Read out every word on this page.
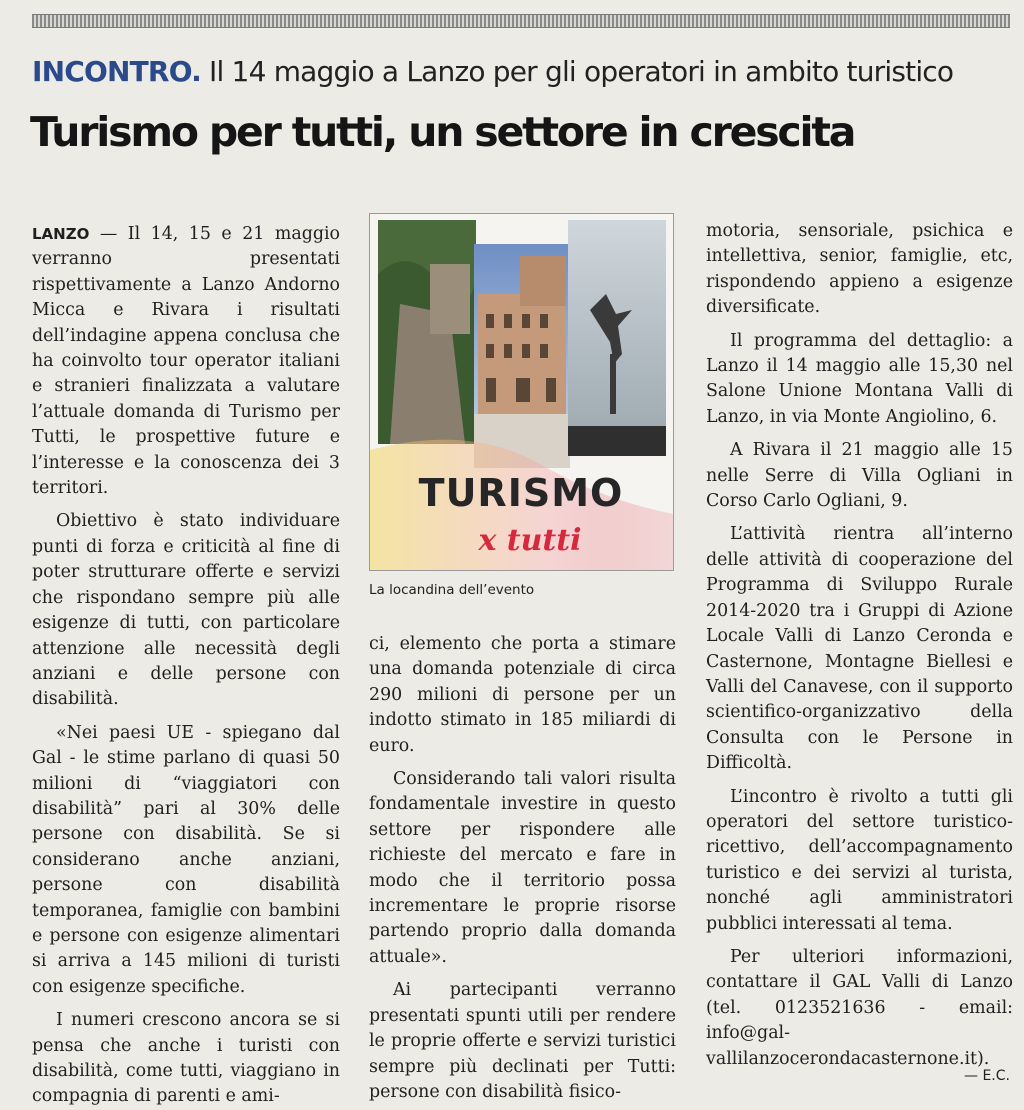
INCONTRO. Il 14 maggio a Lanzo per gli operatori in ambito turistico
Turismo per tutti, un settore in crescita

LANZO — Il 14, 15 e 21 maggio verranno presentati rispettivamente a Lanzo Andorno Micca e Rivara i risultati dell’indagine appena conclusa che ha coinvolto tour operator italiani e stranieri finalizzata a valutare l’attuale domanda di Turismo per Tutti, le prospettive future e l’interesse e la conoscenza dei 3 territori.

Obiettivo è stato individuare punti di forza e criticità al fine di poter strutturare offerte e servizi che rispondano sempre più alle esigenze di tutti, con particolare attenzione alle necessità degli anziani e delle persone con disabilità.

«Nei paesi UE - spiegano dal Gal - le stime parlano di quasi 50 milioni di “viaggiatori con disabilità” pari al 30% delle persone con disabilità. Se si considerano anche anziani, persone con disabilità temporanea, famiglie con bambini e persone con esigenze alimentari si arriva a 145 milioni di turisti con esigenze specifiche.

I numeri crescono ancora se si pensa che anche i turisti con disabilità, come tutti, viaggiano in compagnia di parenti e ami-

TURISMO
x tutti
La locandina dell’evento

ci, elemento che porta a stimare una domanda potenziale di circa 290 milioni di persone per un indotto stimato in 185 miliardi di euro.

Considerando tali valori risulta fondamentale investire in questo settore per rispondere alle richieste del mercato e fare in modo che il territorio possa incrementare le proprie risorse partendo proprio dalla domanda attuale».

Ai partecipanti verranno presentati spunti utili per rendere le proprie offerte e servizi turistici sempre più declinati per Tutti: persone con disabilità fisico-

motoria, sensoriale, psichica e intellettiva, senior, famiglie, etc, rispondendo appieno a esigenze diversificate.

Il programma del dettaglio: a Lanzo il 14 maggio alle 15,30 nel Salone Unione Montana Valli di Lanzo, in via Monte Angiolino, 6.

A Rivara il 21 maggio alle 15 nelle Serre di Villa Ogliani in Corso Carlo Ogliani, 9.

L’attività rientra all’interno delle attività di cooperazione del Programma di Sviluppo Rurale 2014-2020 tra i Gruppi di Azione Locale Valli di Lanzo Ceronda e Casternone, Montagne Biellesi e Valli del Canavese, con il supporto scientifico-organizzativo della Consulta con le Persone in Difficoltà.

L’incontro è rivolto a tutti gli operatori del settore turistico-ricettivo, dell’accompagnamento turistico e dei servizi al turista, nonché agli amministratori pubblici interessati al tema.

Per ulteriori informazioni, contattare il GAL Valli di Lanzo (tel. 0123521636 - email: info@gal-vallilanzocerondacasternone.it).

— E.C.
